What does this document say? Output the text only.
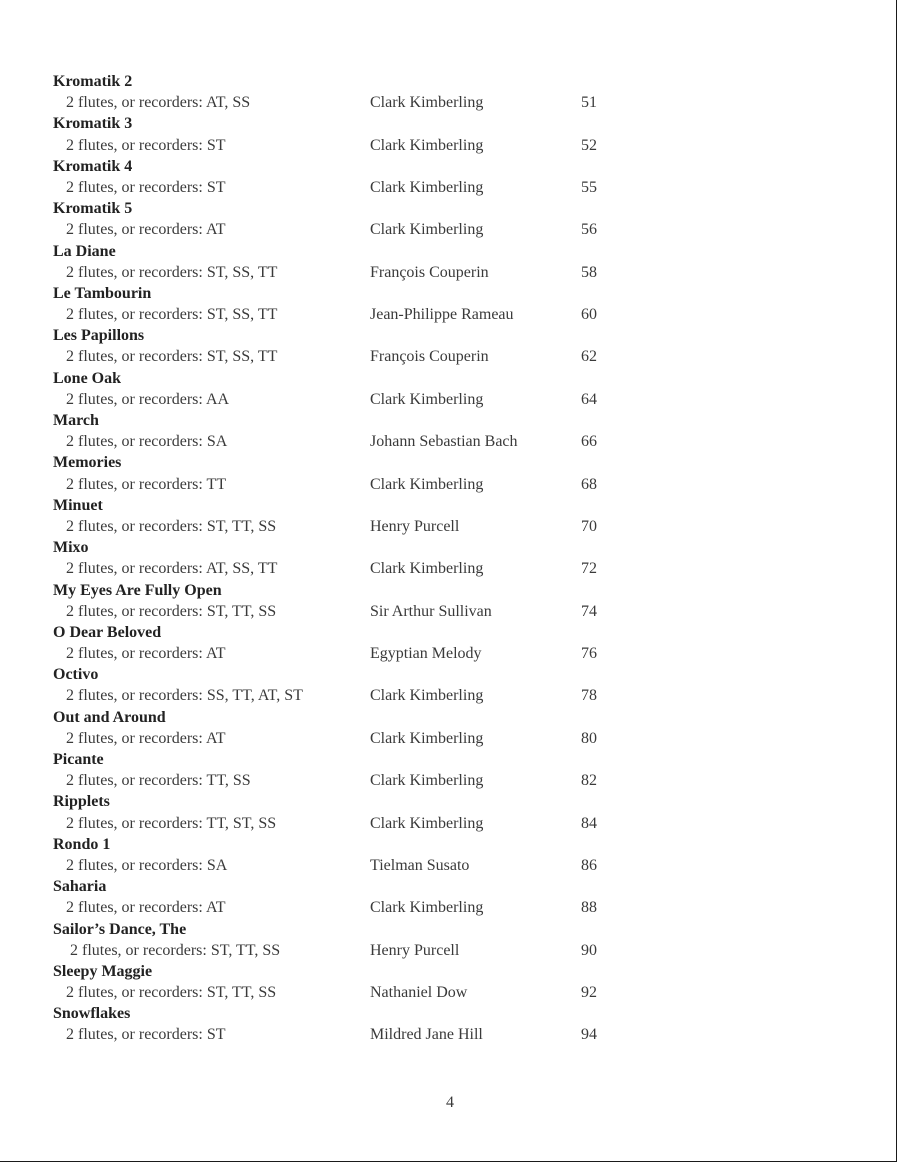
Kromatik 2
2 flutes, or recorders: AT, SS	Clark Kimberling	51
Kromatik 3
2 flutes, or recorders: ST	Clark Kimberling	52
Kromatik 4
2 flutes, or recorders: ST	Clark Kimberling	55
Kromatik 5
2 flutes, or recorders: AT	Clark Kimberling	56
La Diane
2 flutes, or recorders: ST, SS, TT	François Couperin	58
Le Tambourin
2 flutes, or recorders: ST, SS, TT	Jean-Philippe Rameau	60
Les Papillons
2 flutes, or recorders: ST, SS, TT	François Couperin	62
Lone Oak
2 flutes, or recorders: AA	Clark Kimberling	64
March
2 flutes, or recorders: SA	Johann Sebastian Bach	66
Memories
2 flutes, or recorders: TT	Clark Kimberling	68
Minuet
2 flutes, or recorders: ST, TT, SS	Henry Purcell	70
Mixo
2 flutes, or recorders: AT, SS, TT	Clark Kimberling	72
My Eyes Are Fully Open
2 flutes, or recorders: ST, TT, SS	Sir Arthur Sullivan	74
O Dear Beloved
2 flutes, or recorders: AT	Egyptian Melody	76
Octivo
2 flutes, or recorders: SS, TT, AT, ST	Clark Kimberling	78
Out and Around
2 flutes, or recorders: AT	Clark Kimberling	80
Picante
2 flutes, or recorders: TT, SS	Clark Kimberling	82
Ripplets
2 flutes, or recorders: TT, ST, SS	Clark Kimberling	84
Rondo 1
2 flutes, or recorders: SA	Tielman Susato	86
Saharia
2 flutes, or recorders: AT	Clark Kimberling	88
Sailor’s Dance, The
2 flutes, or recorders: ST, TT, SS	Henry Purcell	90
Sleepy Maggie
2 flutes, or recorders: ST, TT, SS	Nathaniel Dow	92
Snowflakes
2 flutes, or recorders: ST	Mildred Jane Hill	94
4
